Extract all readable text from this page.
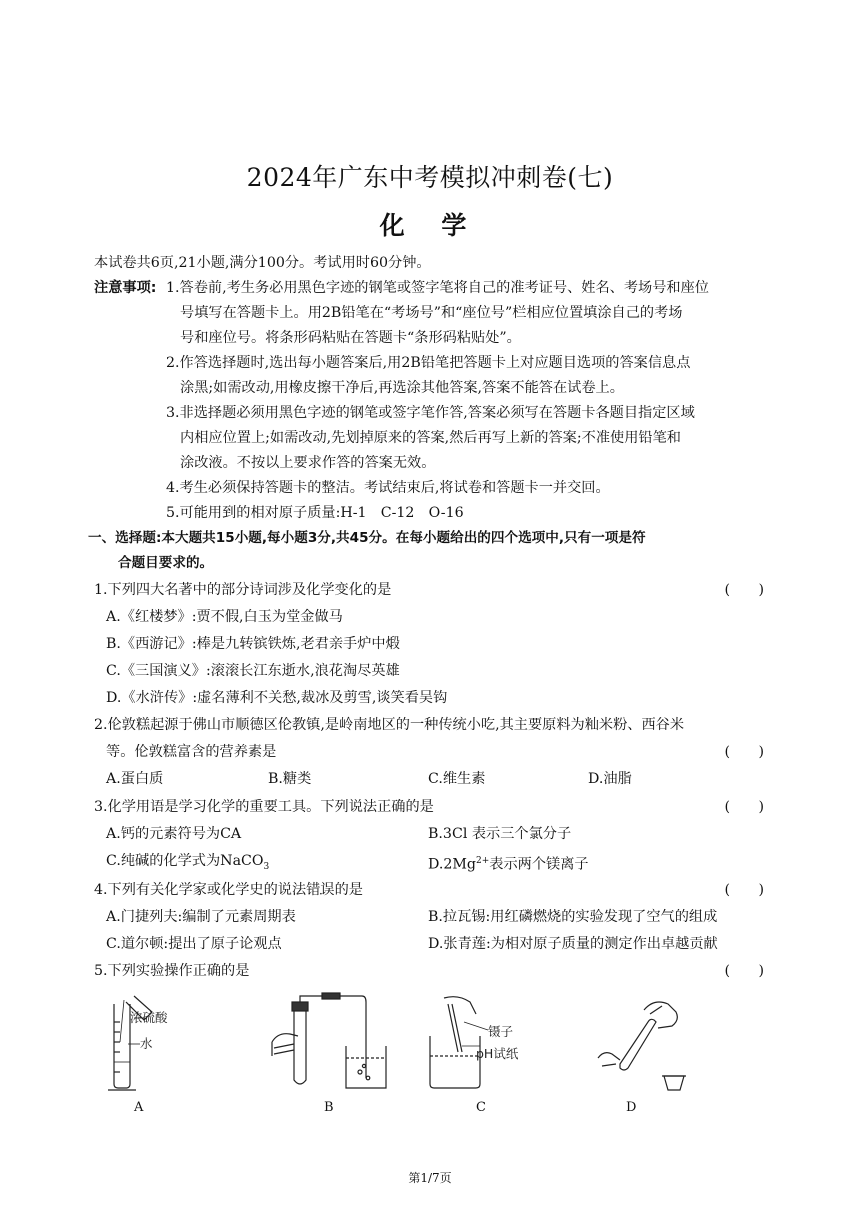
2024年广东中考模拟冲刺卷(七)
化 学
本试卷共6页,21小题,满分100分。考试用时60分钟。
注意事项: 1.答卷前,考生务必用黑色字迹的钢笔或签字笔将自己的准考证号、姓名、考场号和座位
号填写在答题卡上。用2B铅笔在“考场号”和“座位号”栏相应位置填涂自己的考场
号和座位号。将条形码粘贴在答题卡“条形码粘贴处”。
2.作答选择题时,选出每小题答案后,用2B铅笔把答题卡上对应题目选项的答案信息点
涂黑;如需改动,用橡皮擦干净后,再选涂其他答案,答案不能答在试卷上。
3.非选择题必须用黑色字迹的钢笔或签字笔作答,答案必须写在答题卡各题目指定区域
内相应位置上;如需改动,先划掉原来的答案,然后再写上新的答案;不准使用铅笔和
涂改液。不按以上要求作答的答案无效。
4.考生必须保持答题卡的整洁。考试结束后,将试卷和答题卡一并交回。
5.可能用到的相对原子质量:H-1　C-12　O-16
一、选择题:本大题共15小题,每小题3分,共45分。在每小题给出的四个选项中,只有一项是符
合题目要求的。
1.下列四大名著中的部分诗词涉及化学变化的是	(　　)
A.《红楼梦》:贾不假,白玉为堂金做马
B.《西游记》:棒是九转镔铁炼,老君亲手炉中煅
C.《三国演义》:滚滚长江东逝水,浪花淘尽英雄
D.《水浒传》:虚名薄利不关愁,裁冰及剪雪,谈笑看吴钩
2.伦敦糕起源于佛山市顺德区伦教镇,是岭南地区的一种传统小吃,其主要原料为籼米粉、西谷米
等。伦敦糕富含的营养素是	(　　)
A.蛋白质	B.糖类	C.维生素	D.油脂
3.化学用语是学习化学的重要工具。下列说法正确的是	(　　)
A.钙的元素符号为CA	B.3Cl 表示三个氯分子
C.纯碱的化学式为NaCO$_3$	$D.2Mg^{2+}$表示两个镁离子
4.下列有关化学家或化学史的说法错误的是	(　　)
A.门捷列夫:编制了元素周期表	B.拉瓦锡:用红磷燃烧的实验发现了空气的组成
C.道尔顿:提出了原子论观点	D.张青莲:为相对原子质量的测定作出卓越贡献
5.下列实验操作正确的是	(　　)
浓硫酸
水
镊子
pH试纸
A	B	C	D
第1/7页
